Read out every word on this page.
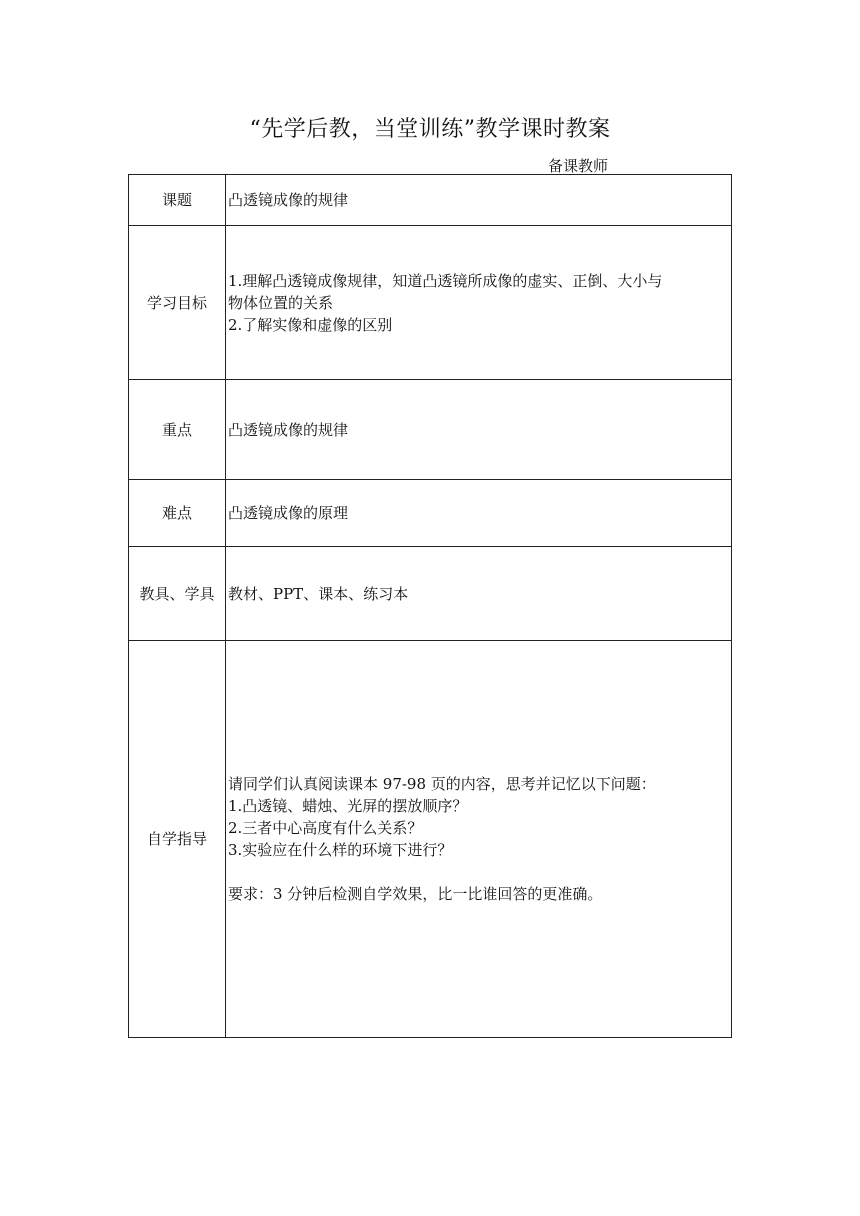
“先学后教，当堂训练”教学课时教案
备课教师
课题	凸透镜成像的规律
学习目标	1.理解凸透镜成像规律，知道凸透镜所成像的虚实、正倒、大小与
物体位置的关系
2.了解实像和虚像的区别

重点	凸透镜成像的规律
难点	凸透镜成像的原理
教具、学具	教材、PPT、课本、练习本
自学指导	请同学们认真阅读课本 97-98 页的内容，思考并记忆以下问题：
1.凸透镜、蜡烛、光屏的摆放顺序？
2.三者中心高度有什么关系？
3.实验应在什么样的环境下进行？
要求：3 分钟后检测自学效果，比一比谁回答的更准确。
